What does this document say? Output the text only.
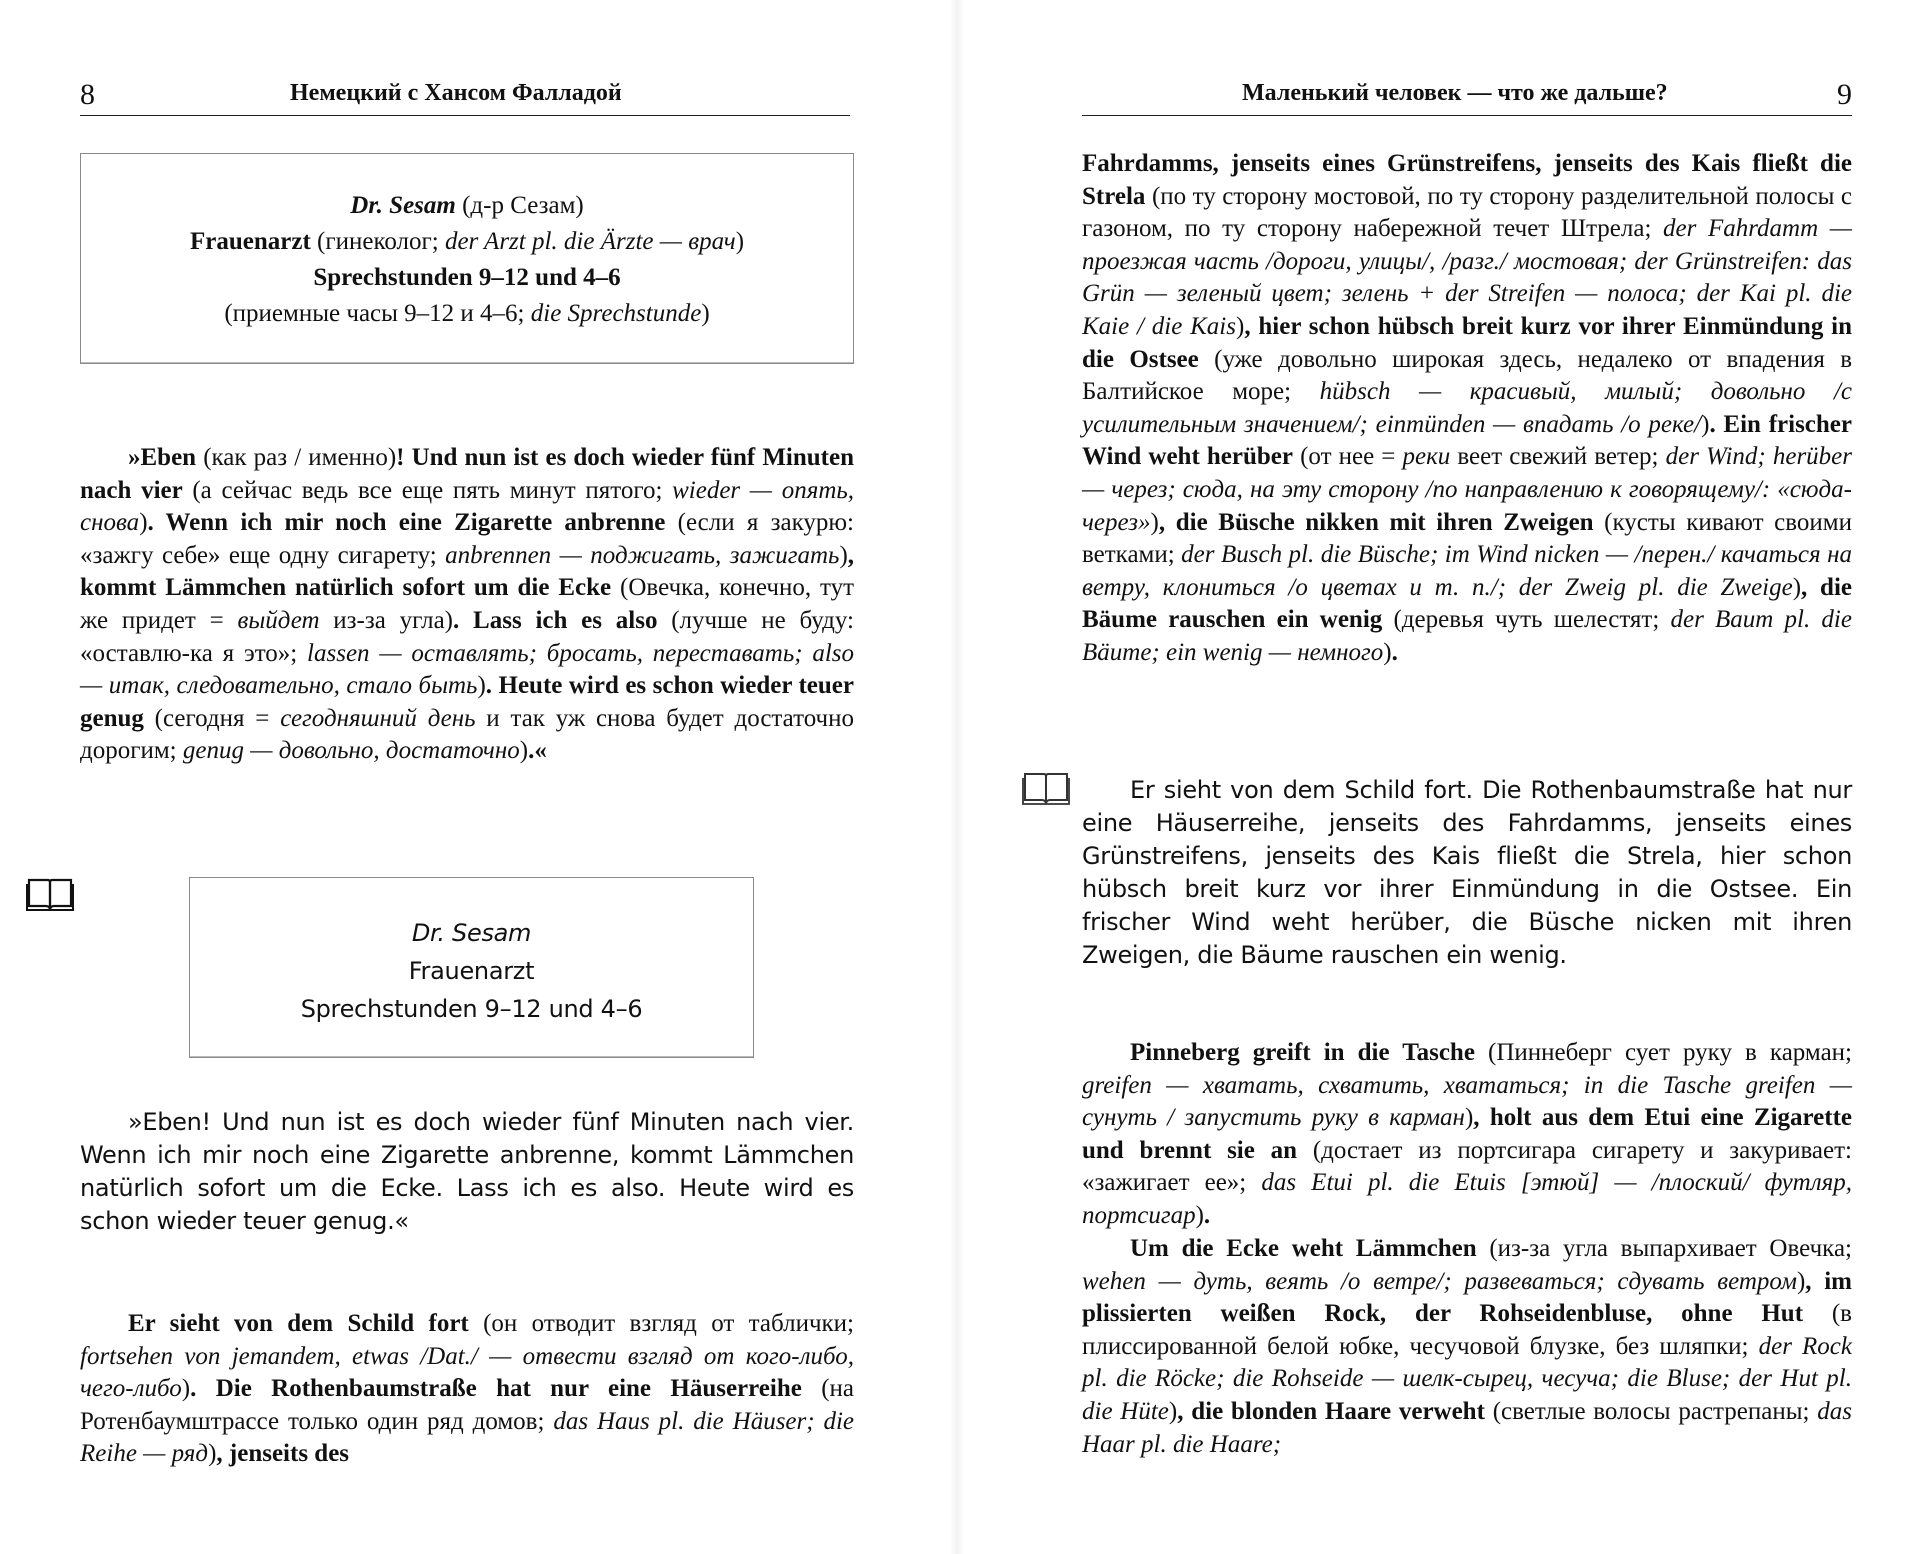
8	Немецкий с Хансом Фалладой
Dr. Sesam (д-р Сезам)
Frauenarzt (гинеколог; der Arzt pl. die Ärzte — врач)
Sprechstunden 9–12 und 4–6
(приемные часы 9–12 и 4–6; die Sprechstunde)

»Eben (как раз / именно)! Und nun ist es doch wieder fünf Minuten nach vier (а сейчас ведь все еще пять минут пятого; wieder — опять, снова). Wenn ich mir noch eine Zigarette anbrenne (если я закурю: «зажгу себе» еще одну сигарету; anbrennen — поджигать, зажигать), kommt Lämmchen natürlich sofort um die Ecke (Овечка, конечно, тут же придет = выйдет из-за угла). Lass ich es also (лучше не буду: «оставлю-ка я это»; lassen — оставлять; бросать, переставать; also — итак, следовательно, стало быть). Heute wird es schon wieder teuer genug (сегодня = сегодняшний день и так уж снова будет достаточно дорогим; genug — довольно, достаточно).«

Dr. Sesam
Frauenarzt
Sprechstunden 9–12 und 4–6

»Eben! Und nun ist es doch wieder fünf Minuten nach vier. Wenn ich mir noch eine Zigarette anbrenne, kommt Lämmchen natürlich sofort um die Ecke. Lass ich es also. Heute wird es schon wieder teuer genug.«

Er sieht von dem Schild fort (он отводит взгляд от таблички; fortsehen von jemandem, etwas /Dat./ — отвести взгляд от кого-либо, чего-либо). Die Rothenbaumstraße hat nur eine Häuserreihe (на Ротенбаумштрассе только один ряд домов; das Haus pl. die Häuser; die Reihe — ряд), jenseits des

Маленький человек — что же дальше?	9

Fahrdamms, jenseits eines Grünstreifens, jenseits des Kais fließt die Strela (по ту сторону мостовой, по ту сторону разделительной полосы с газоном, по ту сторону набережной течет Штрела; der Fahrdamm — проезжая часть /дороги, улицы/, /разг./ мостовая; der Grünstreifen: das Grün — зеленый цвет; зелень + der Streifen — полоса; der Kai pl. die Kaie / die Kais), hier schon hübsch breit kurz vor ihrer Einmündung in die Ostsee (уже довольно широкая здесь, недалеко от впадения в Балтийское море; hübsch — красивый, милый; довольно /с усилительным значением/; einmünden — впадать /о реке/). Ein frischer Wind weht herüber (от нее = реки веет свежий ветер; der Wind; herüber — через; сюда, на эту сторону /по направлению к говорящему/: «сюда-через»), die Büsche nikken mit ihren Zweigen (кусты кивают своими ветками; der Busch pl. die Büsche; im Wind nicken — /перен./ качаться на ветру, клониться /о цветах и т. п./; der Zweig pl. die Zweige), die Bäume rauschen ein wenig (деревья чуть шелестят; der Baum pl. die Bäume; ein wenig — немного).

Er sieht von dem Schild fort. Die Rothenbaumstraße hat nur eine Häuserreihe, jenseits des Fahrdamms, jenseits eines Grünstreifens, jenseits des Kais fließt die Strela, hier schon hübsch breit kurz vor ihrer Einmündung in die Ostsee. Ein frischer Wind weht herüber, die Büsche nicken mit ihren Zweigen, die Bäume rauschen ein wenig.

Pinneberg greift in die Tasche (Пиннеберг сует руку в карман; greifen — хватать, схватить, хвататься; in die Tasche greifen — сунуть / запустить руку в карман), holt aus dem Etui eine Zigarette und brennt sie an (достает из портсигара сигарету и закуривает: «зажигает ее»; das Etui pl. die Etuis [этюй] — /плоский/ футляр, портсигар).

Um die Ecke weht Lämmchen (из-за угла выпархивает Овечка; wehen — дуть, веять /о ветре/; развеваться; сдувать ветром), im plissierten weißen Rock, der Rohseidenbluse, ohne Hut (в плиссированной белой юбке, чесучовой блузке, без шляпки; der Rock pl. die Röcke; die Rohseide — шелк-сырец, чесуча; die Bluse; der Hut pl. die Hüte), die blonden Haare verweht (светлые волосы растрепаны; das Haar pl. die Haare;
